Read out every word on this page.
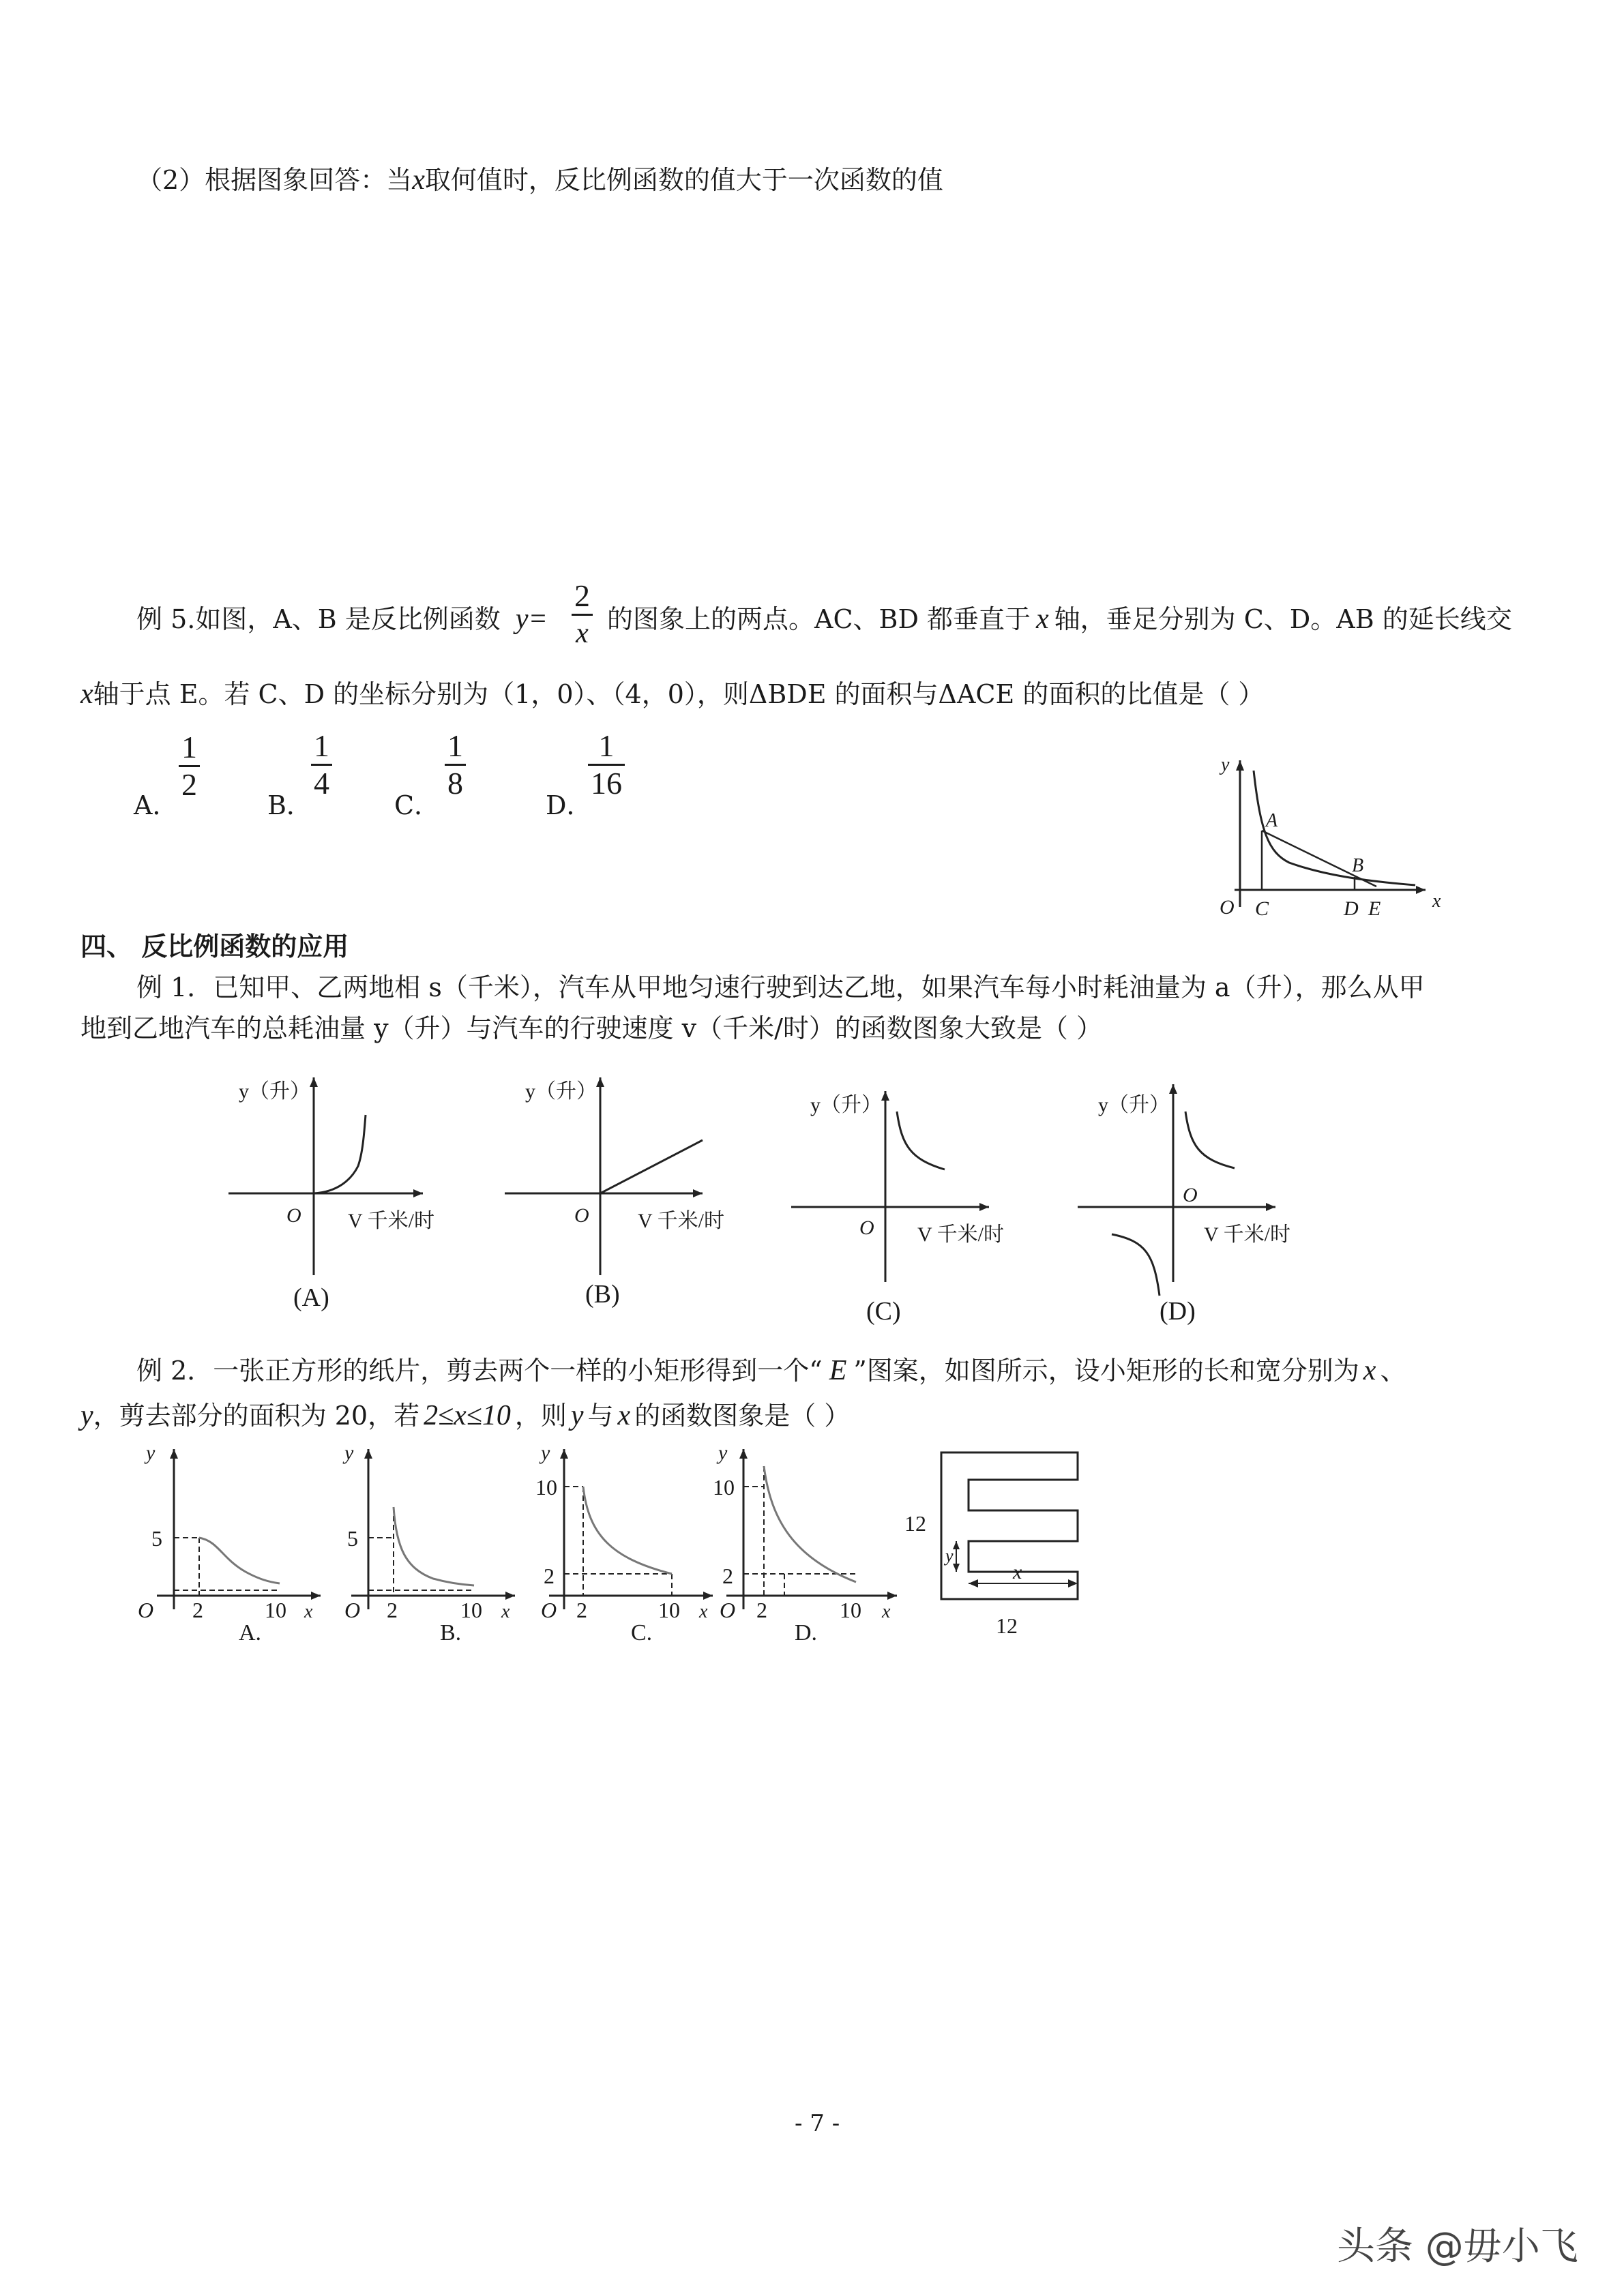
（2）根据图象回答：当x取何值时，反比例函数的值大于一次函数的值
例 5.如图，A、B 是反比例函数 $y= \frac{2}{x}$ 的图象上的两点。AC、BD 都垂直于 x 轴，垂足分别为 C、D。AB 的延长线交
x轴于点 E。若 C、D 的坐标分别为（1，0）、（4，0），则ΔBDE 的面积与ΔACE 的面积的比值是（ ）
A．
$\frac{1}{2}$
B．
$\frac{1}{4}$
C．
$\frac{1}{8}$
D．
$\frac{1}{16}$	y
x
O
A
B
C	D E
四、 反比例函数的应用
例 1．已知甲、乙两地相 s（千米），汽车从甲地匀速行驶到达乙地，如果汽车每小时耗油量为 a（升），那么从甲
地到乙地汽车的总耗油量 y（升）与汽车的行驶速度 v（千米/时）的函数图象大致是（ ）
y（升）
V 千米/时
O
(A)
y（升）
V 千米/时
O
(B)
y（升）
V 千米/时
O
(C)
y（升）
V 千米/时
O
(D)
例 2．一张正方形的纸片，剪去两个一样的小矩形得到一个“ E ”图案，如图所示，设小矩形的长和宽分别为 x 、
y，剪去部分的面积为 20，若 2≤x≤10 ，则 y 与 x 的函数图象是（ ）
y
5
O 2	10 x
A.
y
5
O 2	10 x
B.
y
10
2
O 2	10 x
C.
y
10
2
O 2	10 x
D.
12
y
x
12
- 7 -
头条 @毋小飞
